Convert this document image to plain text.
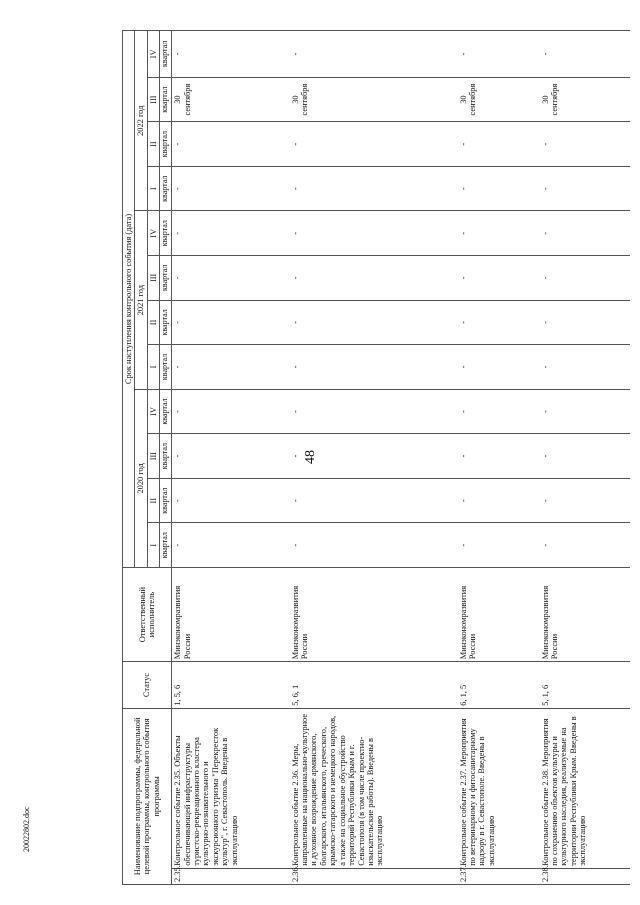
48
Наименование подпрограммы, федеральной целевой программы, контрольного события программы		Статус	Ответственный исполнитель	Срок наступления контрольного события (дата)											
				2020 год				2021 год				2022 год			
				I	II	III	IV	I	II	III	IV	I	II	III	IV
				квартал	квартал	квартал	квартал	квартал	квартал	квартал	квартал	квартал	квартал	квартал	квартал
2.35.	Контрольное событие 2.35. Объекты обеспечивающей инфраструктуры туристско-рекреационного кластера культурно-познавательного и экскурсионного туризма "Перекресток культур", г. Севастополь. Введены в эксплуатацию	1, 5, 6	Минэкономразвития России	-	-	-	-	-	-	-	-	-	-	30 сентября	-
2.36.	Контрольное событие 2.36. Меры, направленные на национально-культурное и духовное возрождение армянского, болгарского, итальянского, греческого, крымско-татарского и немецкого народов, а также на социальное обустройство территорий Республики Крым и г. Севастополя (в том числе проектно-изыскательские работы). Введены в эксплуатацию	5, 6, 1	Минэкономразвития России	-	-	-	-	-	-	-	-	-	-	30 сентября	-
2.37.	Контрольное событие 2.37. Мероприятия по ветеринарному и фитосанитарному надзору в г. Севастополе. Введены в эксплуатацию	6, 1, 5	Минэкономразвития России	-	-	-	-	-	-	-	-	-	-	30 сентября	-
2.38.	Контрольное событие 2.38. Мероприятия по сохранению объектов культуры и культурного наследия, реализуемые на территории Республики Крым. Введены в эксплуатацию	5, 1, 6	Минэкономразвития России	-	-	-	-	-	-	-	-	-	-	30 сентября	-
20022802.doc
